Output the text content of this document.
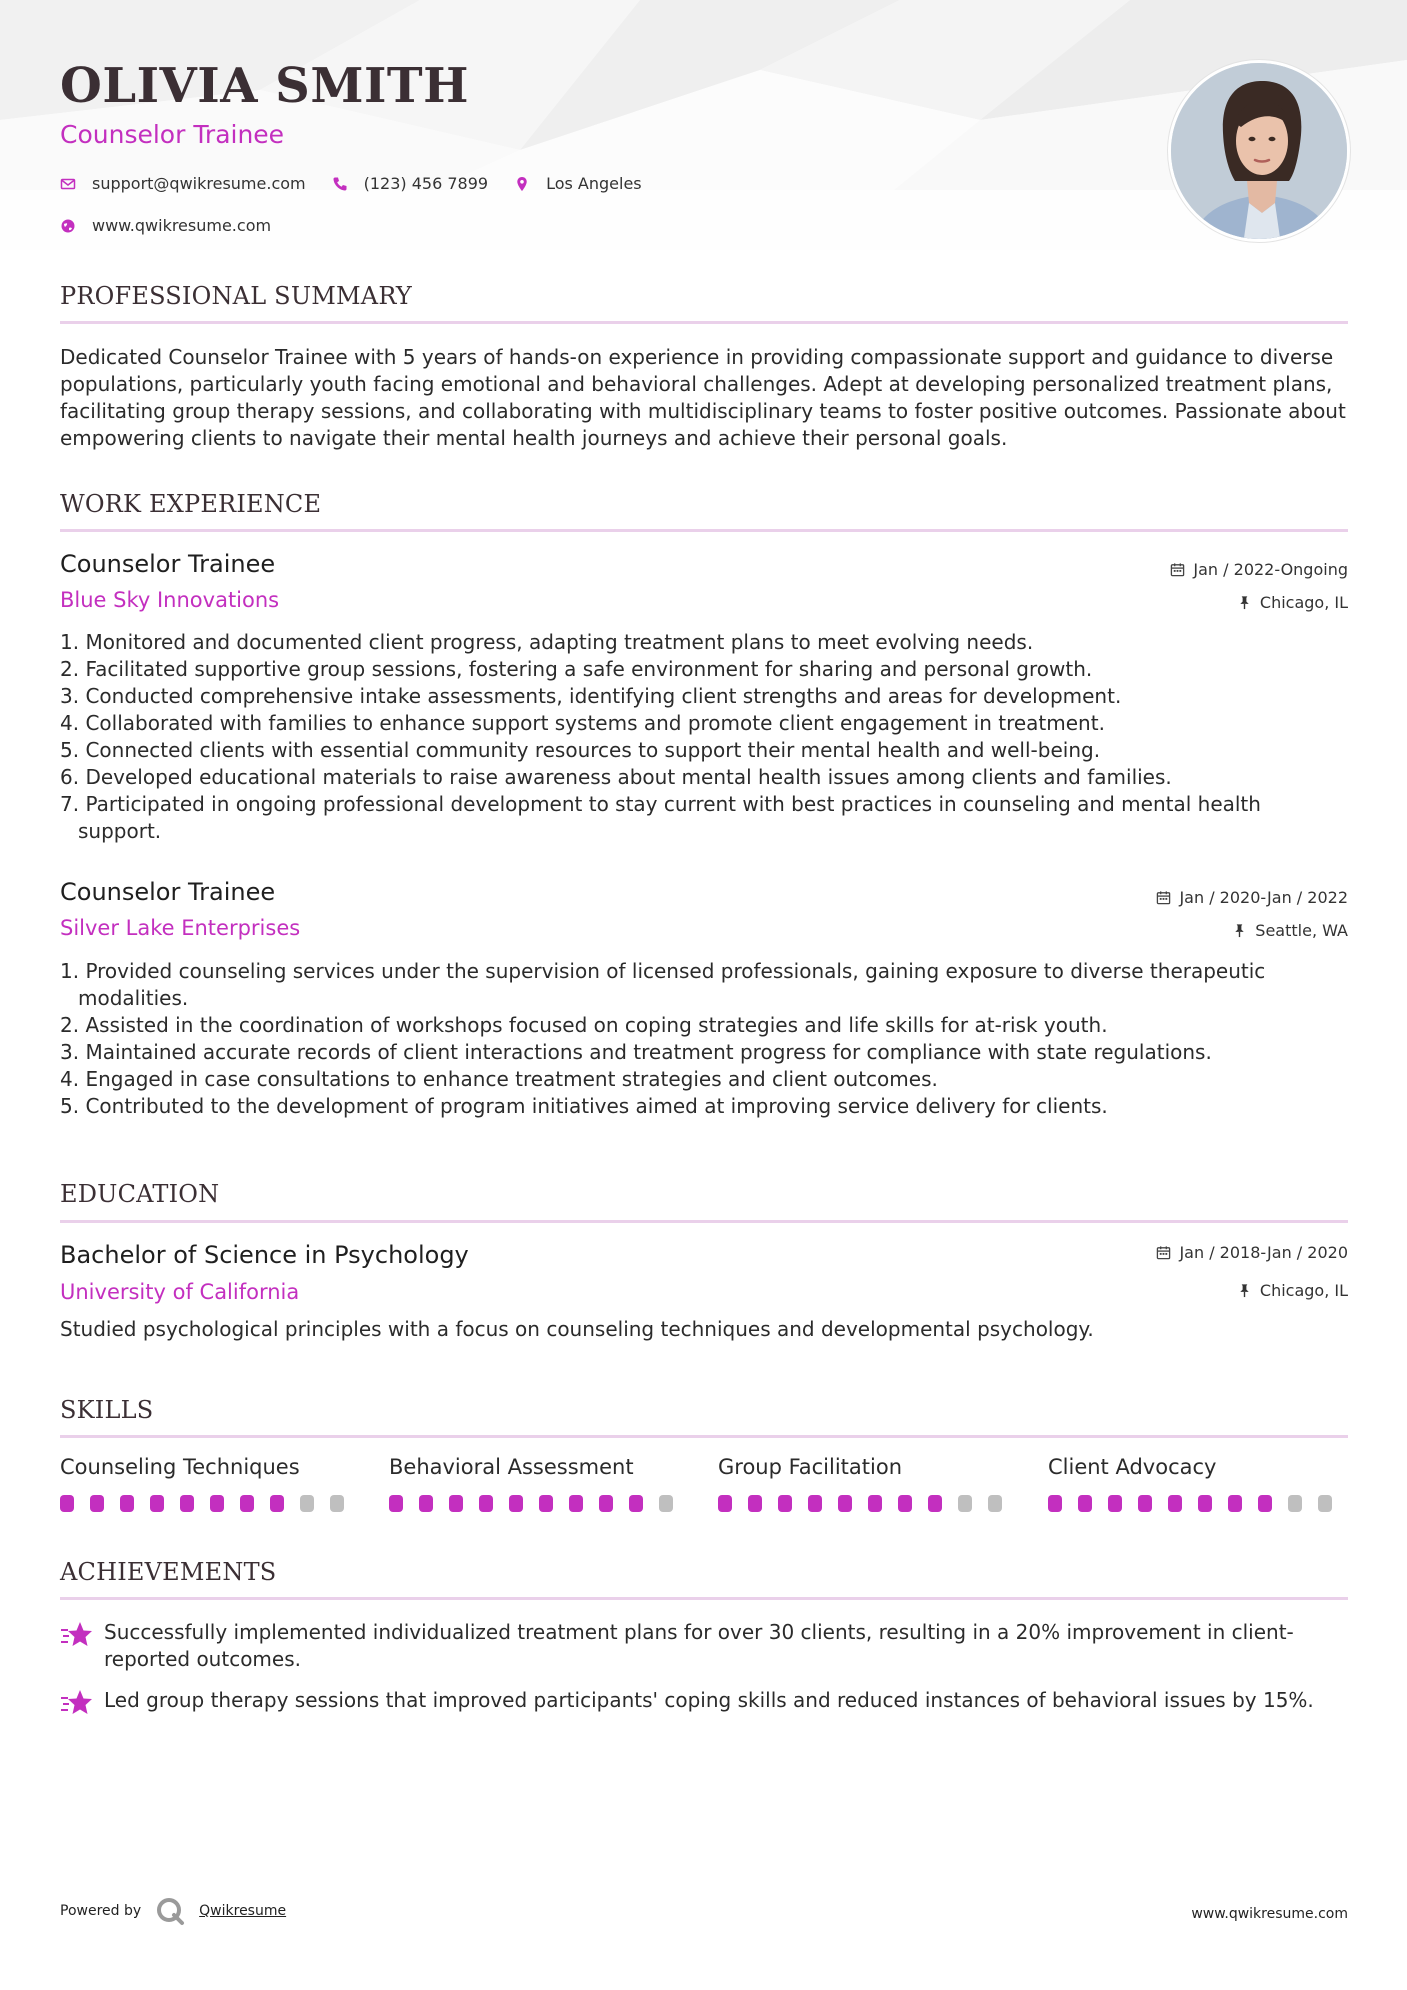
OLIVIA SMITH
Counselor Trainee
support@qwikresume.com	(123) 456 7899	Los Angeles
www.qwikresume.com
PROFESSIONAL SUMMARY
Dedicated Counselor Trainee with 5 years of hands-on experience in providing compassionate support and guidance to diverse populations, particularly youth facing emotional and behavioral challenges. Adept at developing personalized treatment plans, facilitating group therapy sessions, and collaborating with multidisciplinary teams to foster positive outcomes. Passionate about empowering clients to navigate their mental health journeys and achieve their personal goals.
WORK EXPERIENCE
Counselor Trainee
Blue Sky Innovations
Jan / 2022-Ongoing
Chicago, IL
1. Monitored and documented client progress, adapting treatment plans to meet evolving needs.
2. Facilitated supportive group sessions, fostering a safe environment for sharing and personal growth.
3. Conducted comprehensive intake assessments, identifying client strengths and areas for development.
4. Collaborated with families to enhance support systems and promote client engagement in treatment.
5. Connected clients with essential community resources to support their mental health and well-being.
6. Developed educational materials to raise awareness about mental health issues among clients and families.
7. Participated in ongoing professional development to stay current with best practices in counseling and mental health support.
Counselor Trainee
Silver Lake Enterprises
Jan / 2020-Jan / 2022
Seattle, WA
1. Provided counseling services under the supervision of licensed professionals, gaining exposure to diverse therapeutic modalities.
2. Assisted in the coordination of workshops focused on coping strategies and life skills for at-risk youth.
3. Maintained accurate records of client interactions and treatment progress for compliance with state regulations.
4. Engaged in case consultations to enhance treatment strategies and client outcomes.
5. Contributed to the development of program initiatives aimed at improving service delivery for clients.
EDUCATION
Bachelor of Science in Psychology
University of California
Jan / 2018-Jan / 2020
Chicago, IL
Studied psychological principles with a focus on counseling techniques and developmental psychology.
SKILLS
Counseling Techniques	Behavioral Assessment	Group Facilitation	Client Advocacy
ACHIEVEMENTS
Successfully implemented individualized treatment plans for over 30 clients, resulting in a 20% improvement in client-reported outcomes.
Led group therapy sessions that improved participants' coping skills and reduced instances of behavioral issues by 15%.
Powered by	Qwikresume	www.qwikresume.com
